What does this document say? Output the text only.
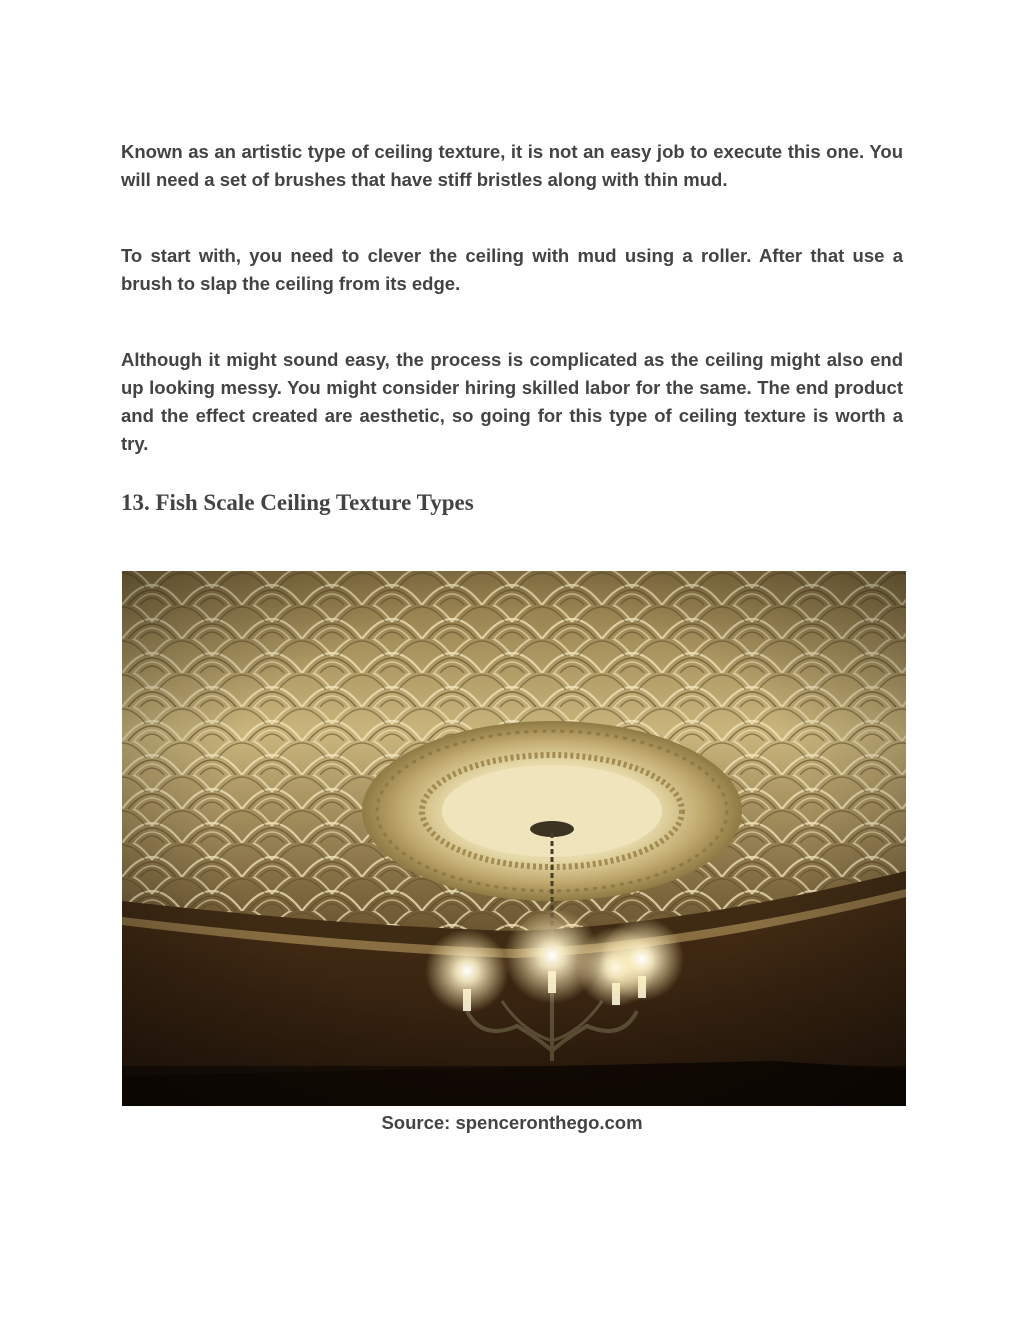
Known as an artistic type of ceiling texture, it is not an easy job to execute this one. You will need a set of brushes that have stiff bristles along with thin mud.

To start with, you need to clever the ceiling with mud using a roller. After that use a brush to slap the ceiling from its edge.

Although it might sound easy, the process is complicated as the ceiling might also end up looking messy. You might consider hiring skilled labor for the same. The end product and the effect created are aesthetic, so going for this type of ceiling texture is worth a try.

13. Fish Scale Ceiling Texture Types

Source: spenceronthego.com
